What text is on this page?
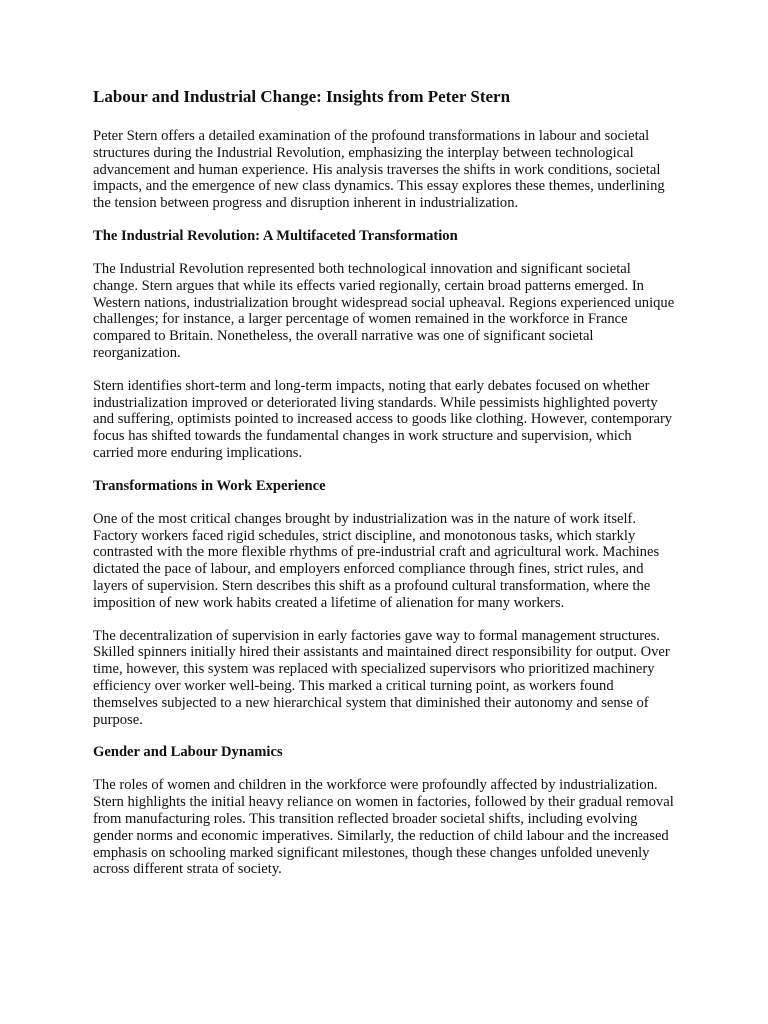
Labour and Industrial Change: Insights from Peter Stern

Peter Stern offers a detailed examination of the profound transformations in labour and societal structures during the Industrial Revolution, emphasizing the interplay between technological advancement and human experience. His analysis traverses the shifts in work conditions, societal impacts, and the emergence of new class dynamics. This essay explores these themes, underlining the tension between progress and disruption inherent in industrialization.

The Industrial Revolution: A Multifaceted Transformation

The Industrial Revolution represented both technological innovation and significant societal change. Stern argues that while its effects varied regionally, certain broad patterns emerged. In Western nations, industrialization brought widespread social upheaval. Regions experienced unique challenges; for instance, a larger percentage of women remained in the workforce in France compared to Britain. Nonetheless, the overall narrative was one of significant societal reorganization.

Stern identifies short-term and long-term impacts, noting that early debates focused on whether industrialization improved or deteriorated living standards. While pessimists highlighted poverty and suffering, optimists pointed to increased access to goods like clothing. However, contemporary focus has shifted towards the fundamental changes in work structure and supervision, which carried more enduring implications.

Transformations in Work Experience

One of the most critical changes brought by industrialization was in the nature of work itself. Factory workers faced rigid schedules, strict discipline, and monotonous tasks, which starkly contrasted with the more flexible rhythms of pre-industrial craft and agricultural work. Machines dictated the pace of labour, and employers enforced compliance through fines, strict rules, and layers of supervision. Stern describes this shift as a profound cultural transformation, where the imposition of new work habits created a lifetime of alienation for many workers.

The decentralization of supervision in early factories gave way to formal management structures. Skilled spinners initially hired their assistants and maintained direct responsibility for output. Over time, however, this system was replaced with specialized supervisors who prioritized machinery efficiency over worker well-being. This marked a critical turning point, as workers found themselves subjected to a new hierarchical system that diminished their autonomy and sense of purpose.

Gender and Labour Dynamics

The roles of women and children in the workforce were profoundly affected by industrialization. Stern highlights the initial heavy reliance on women in factories, followed by their gradual removal from manufacturing roles. This transition reflected broader societal shifts, including evolving gender norms and economic imperatives. Similarly, the reduction of child labour and the increased emphasis on schooling marked significant milestones, though these changes unfolded unevenly across different strata of society.
